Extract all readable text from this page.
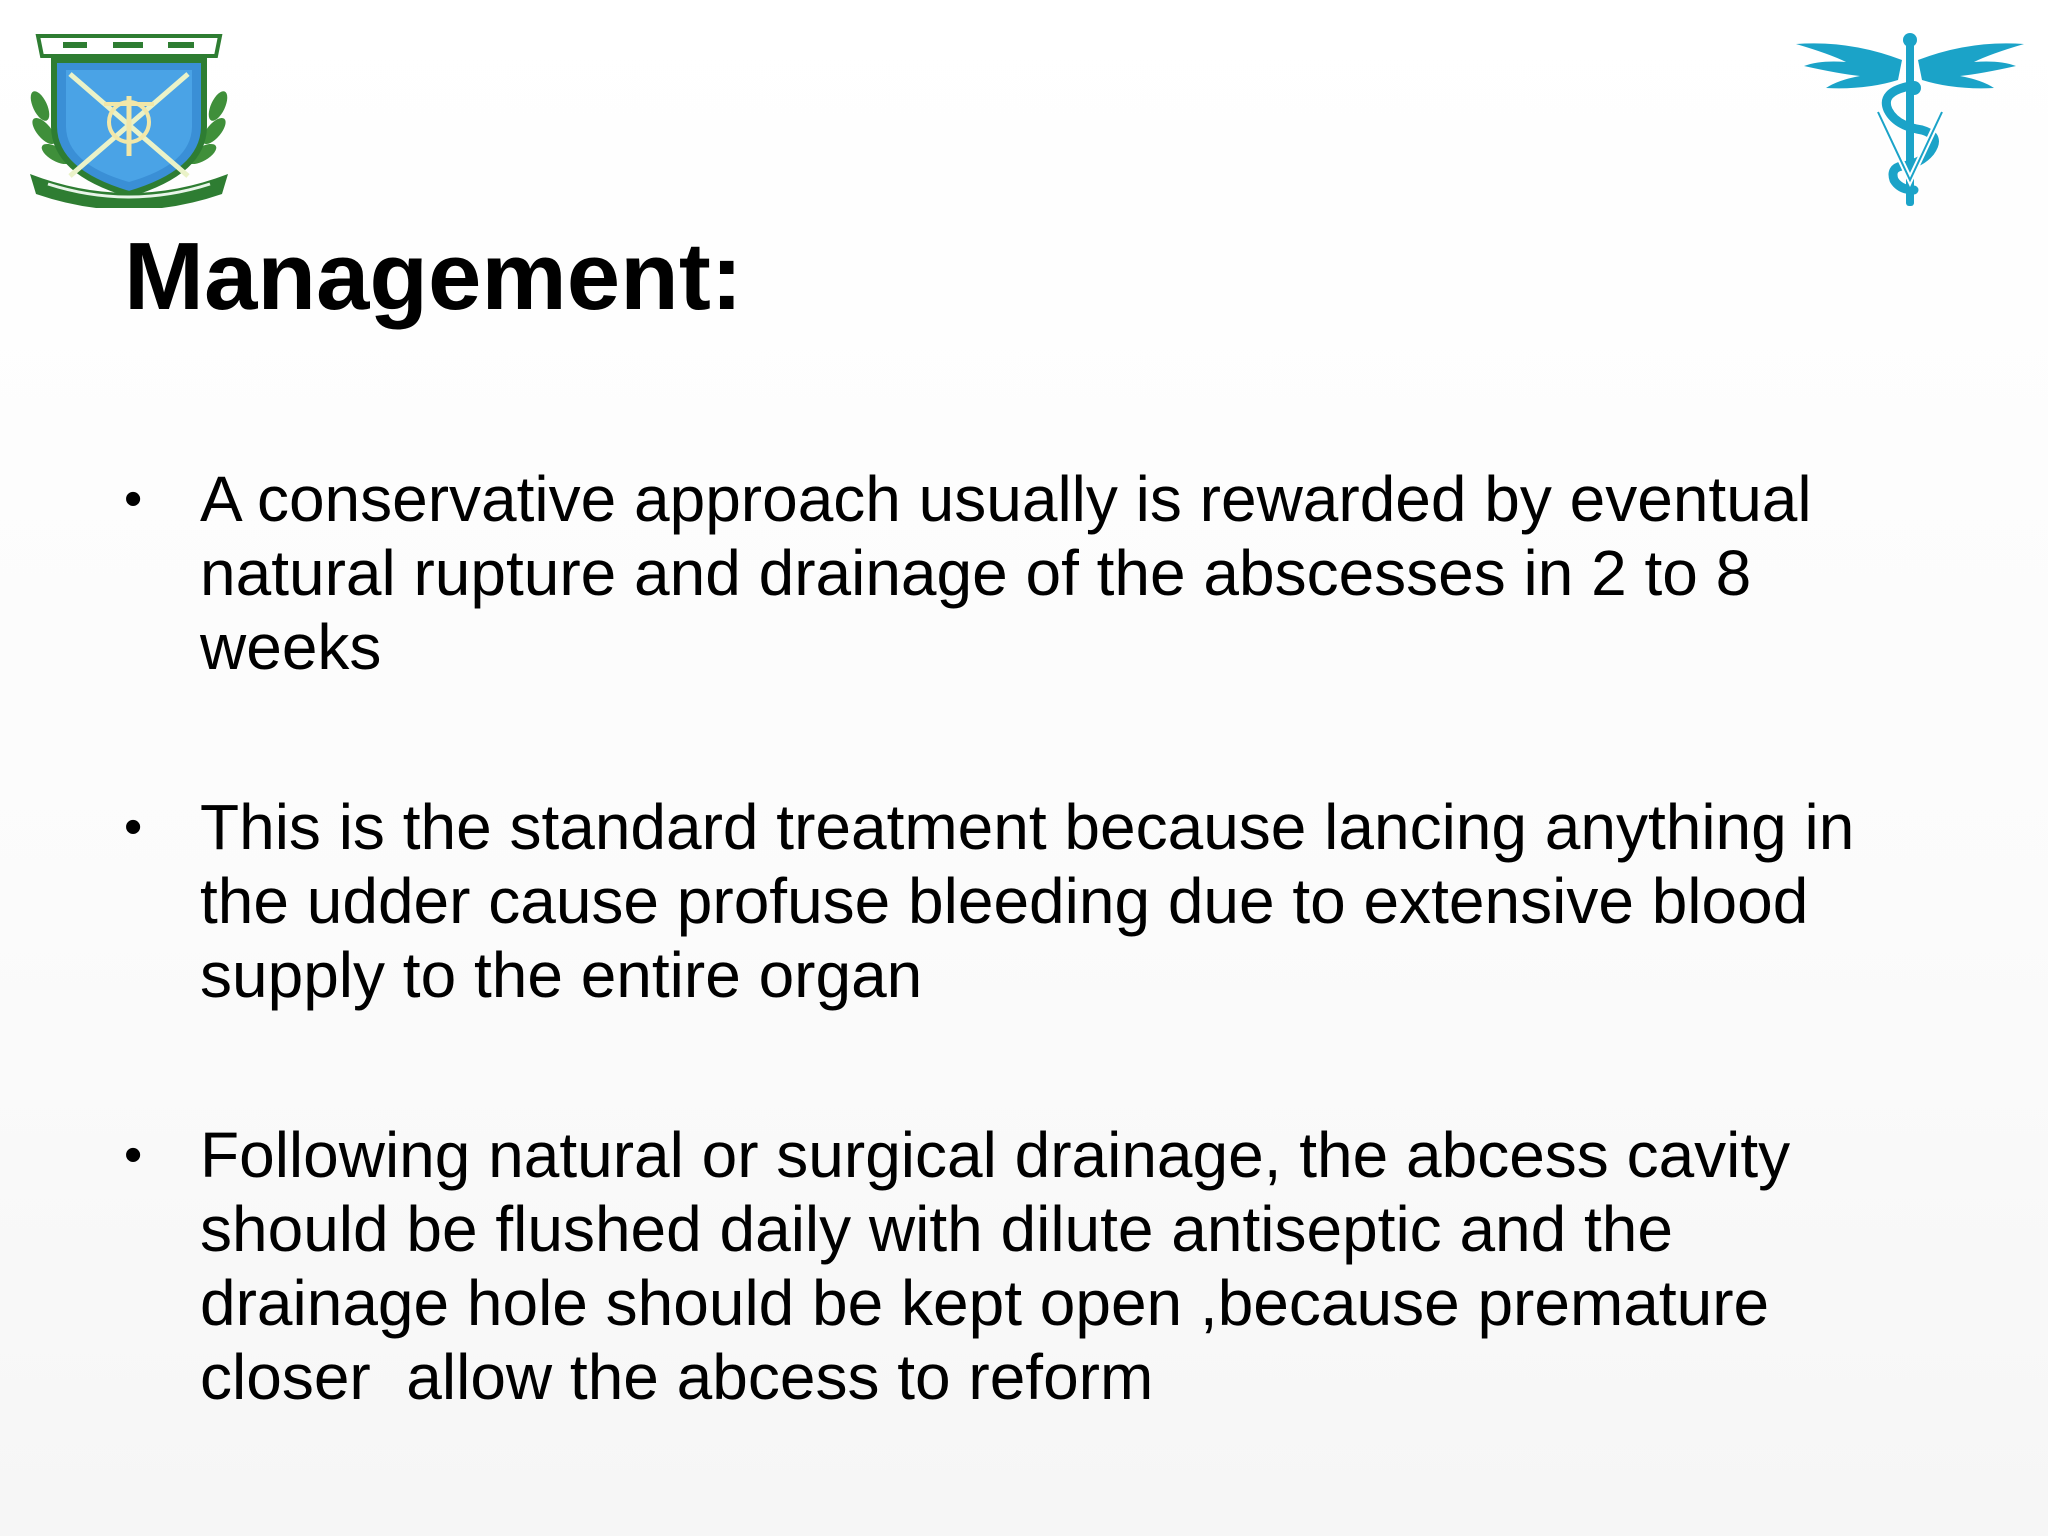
Management:
• A conservative approach usually is rewarded by eventual
natural rupture and drainage of the abscesses in 2 to 8
weeks
• This is the standard treatment because lancing anything in
the udder cause profuse bleeding due to extensive blood
supply to the entire organ
• Following natural or surgical drainage, the abcess cavity
should be flushed daily with dilute antiseptic and the
drainage hole should be kept open ,because premature
closer  allow the abcess to reform
